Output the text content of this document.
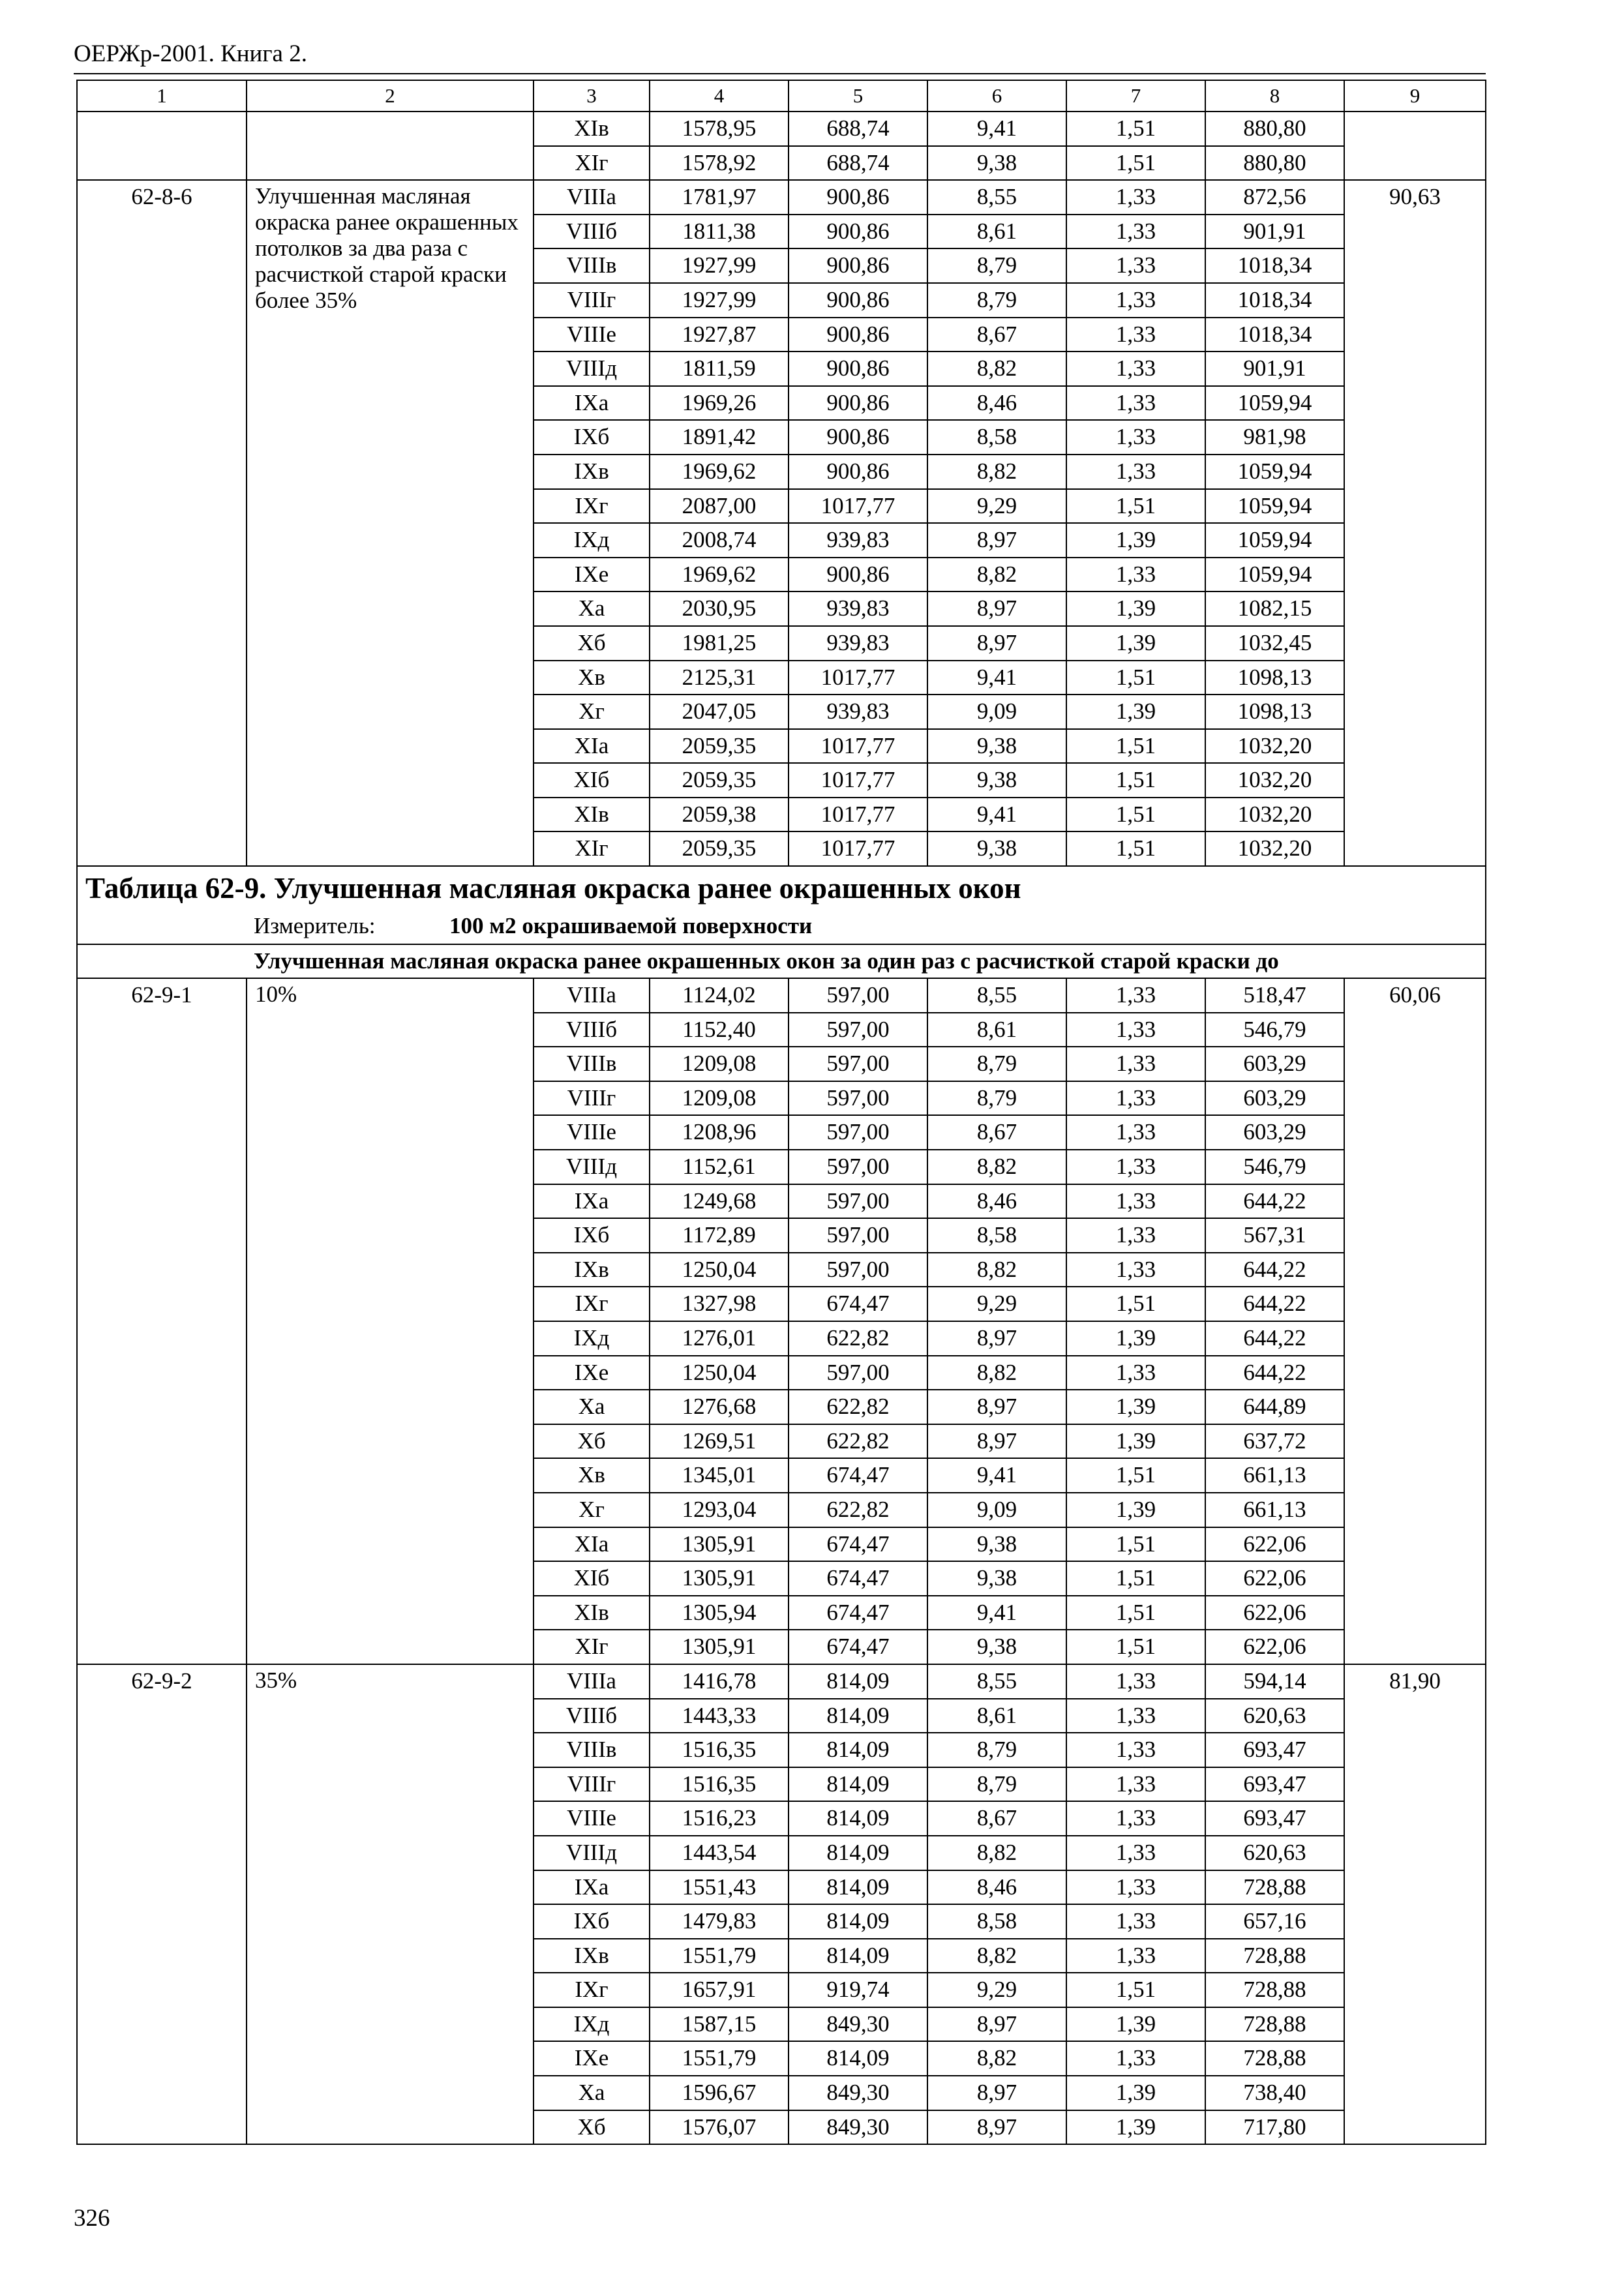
ОЕРЖр-2001. Книга 2.
1	2	3	4	5	6	7	8	9
		XIв	1578,95	688,74	9,41	1,51	880,80	
		XIг	1578,92	688,74	9,38	1,51	880,80	
62-8-6	Улучшенная масляная окраска ранее окрашенных потолков за два раза с расчисткой старой краски более 35%	VIIIа	1781,97	900,86	8,55	1,33	872,56	90,63
		VIIIб	1811,38	900,86	8,61	1,33	901,91	
		VIIIв	1927,99	900,86	8,79	1,33	1018,34	
		VIIIг	1927,99	900,86	8,79	1,33	1018,34	
		VIIIе	1927,87	900,86	8,67	1,33	1018,34	
		VIIIд	1811,59	900,86	8,82	1,33	901,91	
		IXа	1969,26	900,86	8,46	1,33	1059,94	
		IXб	1891,42	900,86	8,58	1,33	981,98	
		IXв	1969,62	900,86	8,82	1,33	1059,94	
		IXг	2087,00	1017,77	9,29	1,51	1059,94	
		IXд	2008,74	939,83	8,97	1,39	1059,94	
		IXе	1969,62	900,86	8,82	1,33	1059,94	
		Xа	2030,95	939,83	8,97	1,39	1082,15	
		Xб	1981,25	939,83	8,97	1,39	1032,45	
		Xв	2125,31	1017,77	9,41	1,51	1098,13	
		Xг	2047,05	939,83	9,09	1,39	1098,13	
		XIа	2059,35	1017,77	9,38	1,51	1032,20	
		XIб	2059,35	1017,77	9,38	1,51	1032,20	
		XIв	2059,38	1017,77	9,41	1,51	1032,20	
		XIг	2059,35	1017,77	9,38	1,51	1032,20	
Таблица 62-9. Улучшенная масляная окраска ранее окрашенных окон								
Измеритель: 100 м2 окрашиваемой поверхности								
Улучшенная масляная окраска ранее окрашенных окон за один раз с расчисткой старой краски до								
62-9-1	10%	VIIIа	1124,02	597,00	8,55	1,33	518,47	60,06
		VIIIб	1152,40	597,00	8,61	1,33	546,79	
		VIIIв	1209,08	597,00	8,79	1,33	603,29	
		VIIIг	1209,08	597,00	8,79	1,33	603,29	
		VIIIе	1208,96	597,00	8,67	1,33	603,29	
		VIIIд	1152,61	597,00	8,82	1,33	546,79	
		IXа	1249,68	597,00	8,46	1,33	644,22	
		IXб	1172,89	597,00	8,58	1,33	567,31	
		IXв	1250,04	597,00	8,82	1,33	644,22	
		IXг	1327,98	674,47	9,29	1,51	644,22	
		IXд	1276,01	622,82	8,97	1,39	644,22	
		IXе	1250,04	597,00	8,82	1,33	644,22	
		Xа	1276,68	622,82	8,97	1,39	644,89	
		Xб	1269,51	622,82	8,97	1,39	637,72	
		Xв	1345,01	674,47	9,41	1,51	661,13	
		Xг	1293,04	622,82	9,09	1,39	661,13	
		XIа	1305,91	674,47	9,38	1,51	622,06	
		XIб	1305,91	674,47	9,38	1,51	622,06	
		XIв	1305,94	674,47	9,41	1,51	622,06	
		XIг	1305,91	674,47	9,38	1,51	622,06	
62-9-2	35%	VIIIа	1416,78	814,09	8,55	1,33	594,14	81,90
		VIIIб	1443,33	814,09	8,61	1,33	620,63	
		VIIIв	1516,35	814,09	8,79	1,33	693,47	
		VIIIг	1516,35	814,09	8,79	1,33	693,47	
		VIIIе	1516,23	814,09	8,67	1,33	693,47	
		VIIIд	1443,54	814,09	8,82	1,33	620,63	
		IXа	1551,43	814,09	8,46	1,33	728,88	
		IXб	1479,83	814,09	8,58	1,33	657,16	
		IXв	1551,79	814,09	8,82	1,33	728,88	
		IXг	1657,91	919,74	9,29	1,51	728,88	
		IXд	1587,15	849,30	8,97	1,39	728,88	
		IXе	1551,79	814,09	8,82	1,33	728,88	
		Xа	1596,67	849,30	8,97	1,39	738,40	
		Xб	1576,07	849,30	8,97	1,39	717,80	
326
